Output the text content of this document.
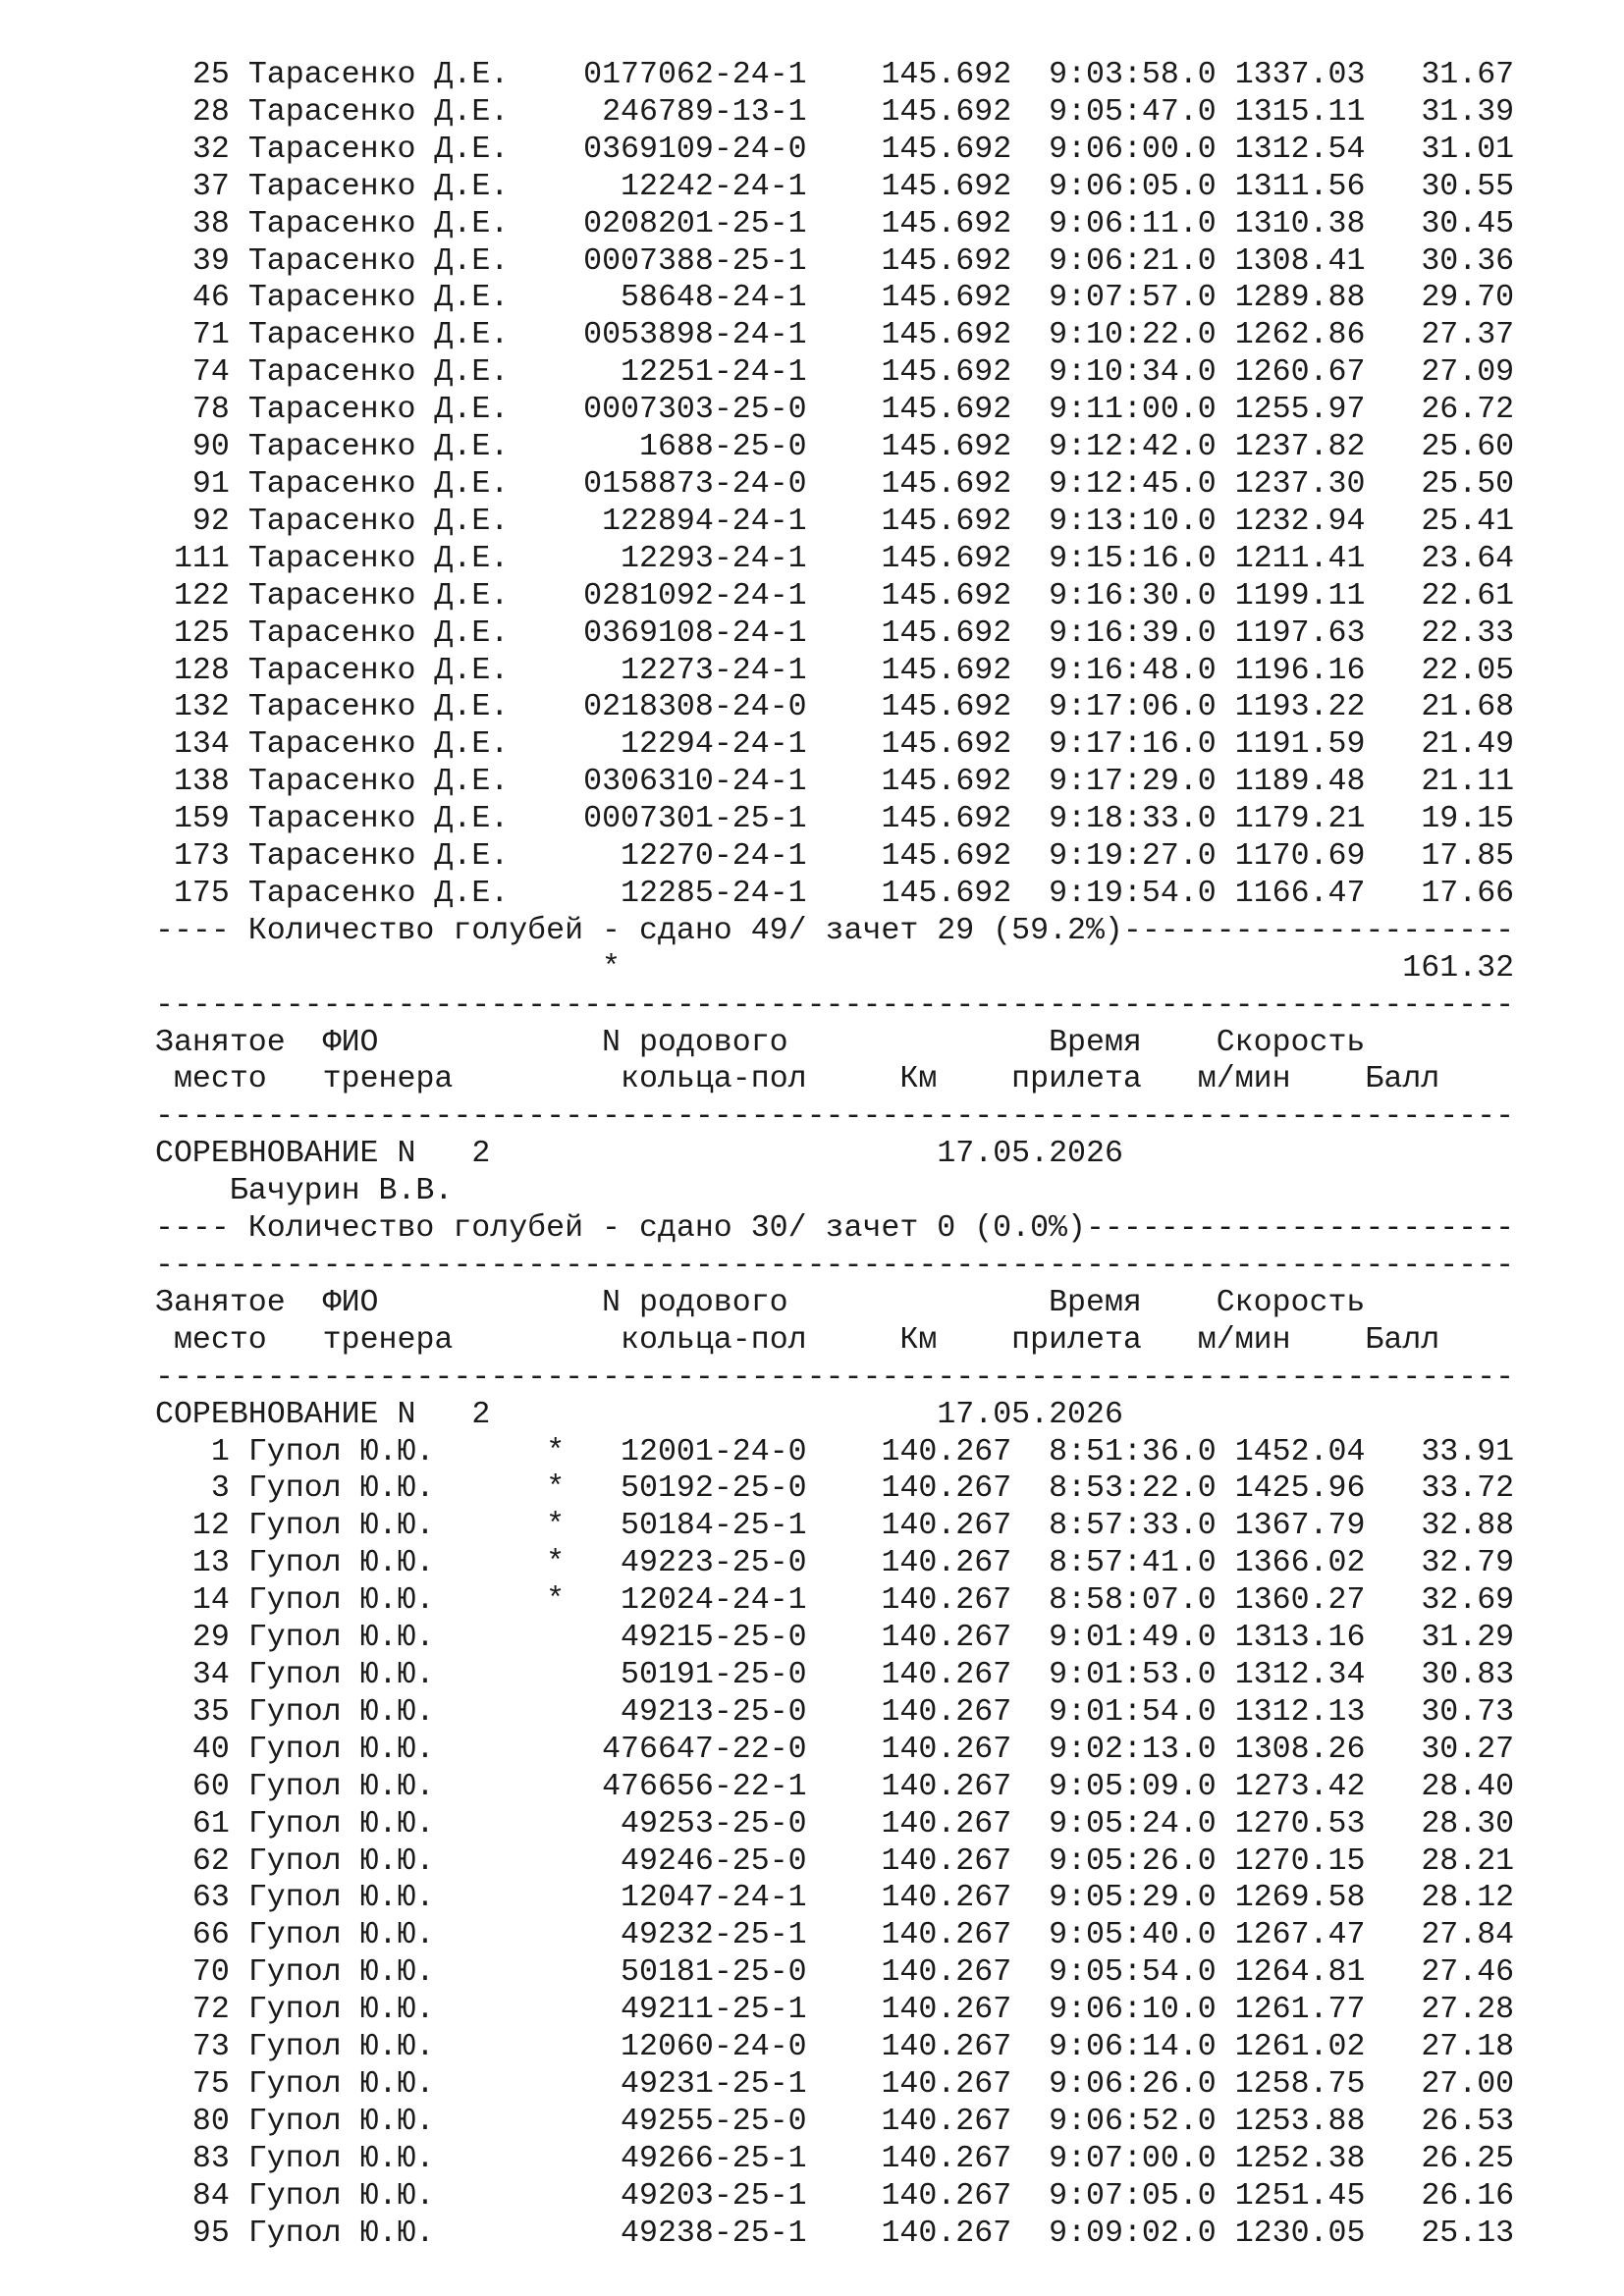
25 Тарасенко Д.Е. 0177062-24-1 145.692 9:03:58.0 1337.03 31.67
28 Тарасенко Д.Е.	246789-13-1 145.692 9:05:47.0 1315.11 31.39
32 Тарасенко Д.Е. 0369109-24-0 145.692 9:06:00.0 1312.54 31.01
37 Тарасенко Д.Е.	12242-24-1 145.692 9:06:05.0 1311.56 30.55
38 Тарасенко Д.Е. 0208201-25-1 145.692 9:06:11.0 1310.38 30.45
39 Тарасенко Д.Е. 0007388-25-1 145.692 9:06:21.0 1308.41 30.36
46 Тарасенко Д.Е.	58648-24-1 145.692 9:07:57.0 1289.88 29.70
71 Тарасенко Д.Е. 0053898-24-1 145.692 9:10:22.0 1262.86 27.37
74 Тарасенко Д.Е.	12251-24-1 145.692 9:10:34.0 1260.67 27.09
78 Тарасенко Д.Е. 0007303-25-0 145.692 9:11:00.0 1255.97 26.72
90 Тарасенко Д.Е.	1688-25-0 145.692 9:12:42.0 1237.82 25.60
91 Тарасенко Д.Е. 0158873-24-0 145.692 9:12:45.0 1237.30 25.50
92 Тарасенко Д.Е.	122894-24-1 145.692 9:13:10.0 1232.94 25.41
111 Тарасенко Д.Е.	12293-24-1 145.692 9:15:16.0 1211.41 23.64
122 Тарасенко Д.Е. 0281092-24-1 145.692 9:16:30.0 1199.11 22.61
125 Тарасенко Д.Е. 0369108-24-1 145.692 9:16:39.0 1197.63 22.33
128 Тарасенко Д.Е.	12273-24-1 145.692 9:16:48.0 1196.16 22.05
132 Тарасенко Д.Е. 0218308-24-0 145.692 9:17:06.0 1193.22 21.68
134 Тарасенко Д.Е.	12294-24-1 145.692 9:17:16.0 1191.59 21.49
138 Тарасенко Д.Е. 0306310-24-1 145.692 9:17:29.0 1189.48 21.11
159 Тарасенко Д.Е. 0007301-25-1 145.692 9:18:33.0 1179.21 19.15
173 Тарасенко Д.Е.	12270-24-1 145.692 9:19:27.0 1170.69 17.85
175 Тарасенко Д.Е.	12285-24-1 145.692 9:19:54.0 1166.47 17.66
---- Количество голубей - сдано 49/ зачет 29 (59.2%)---------------------
*	161.32
-------------------------------------------------------------------------
Занятое ФИО	N родового	Время Скорость
место тренера	кольца-пол	Км прилета м/мин Балл
-------------------------------------------------------------------------
СОРЕВНОВАНИЕ N 2	17.05.2026
Бачурин В.В.
---- Количество голубей - сдано 30/ зачет 0 (0.0%)-----------------------
-------------------------------------------------------------------------
Занятое ФИО	N родового	Время Скорость
место тренера	кольца-пол	Км прилета м/мин Балл
-------------------------------------------------------------------------
СОРЕВНОВАНИЕ N 2	17.05.2026
1 Гупол Ю.Ю.	* 12001-24-0 140.267 8:51:36.0 1452.04 33.91
3 Гупол Ю.Ю.	* 50192-25-0 140.267 8:53:22.0 1425.96 33.72
12 Гупол Ю.Ю.	* 50184-25-1 140.267 8:57:33.0 1367.79 32.88
13 Гупол Ю.Ю.	* 49223-25-0 140.267 8:57:41.0 1366.02 32.79
14 Гупол Ю.Ю.	* 12024-24-1 140.267 8:58:07.0 1360.27 32.69
29 Гупол Ю.Ю.	49215-25-0 140.267 9:01:49.0 1313.16 31.29
34 Гупол Ю.Ю.	50191-25-0 140.267 9:01:53.0 1312.34 30.83
35 Гупол Ю.Ю.	49213-25-0 140.267 9:01:54.0 1312.13 30.73
40 Гупол Ю.Ю.	476647-22-0 140.267 9:02:13.0 1308.26 30.27
60 Гупол Ю.Ю.	476656-22-1 140.267 9:05:09.0 1273.42 28.40
61 Гупол Ю.Ю.	49253-25-0 140.267 9:05:24.0 1270.53 28.30
62 Гупол Ю.Ю.	49246-25-0 140.267 9:05:26.0 1270.15 28.21
63 Гупол Ю.Ю.	12047-24-1 140.267 9:05:29.0 1269.58 28.12
66 Гупол Ю.Ю.	49232-25-1 140.267 9:05:40.0 1267.47 27.84
70 Гупол Ю.Ю.	50181-25-0 140.267 9:05:54.0 1264.81 27.46
72 Гупол Ю.Ю.	49211-25-1 140.267 9:06:10.0 1261.77 27.28
73 Гупол Ю.Ю.	12060-24-0 140.267 9:06:14.0 1261.02 27.18
75 Гупол Ю.Ю.	49231-25-1 140.267 9:06:26.0 1258.75 27.00
80 Гупол Ю.Ю.	49255-25-0 140.267 9:06:52.0 1253.88 26.53
83 Гупол Ю.Ю.	49266-25-1 140.267 9:07:00.0 1252.38 26.25
84 Гупол Ю.Ю.	49203-25-1 140.267 9:07:05.0 1251.45 26.16
95 Гупол Ю.Ю.	49238-25-1 140.267 9:09:02.0 1230.05 25.13
